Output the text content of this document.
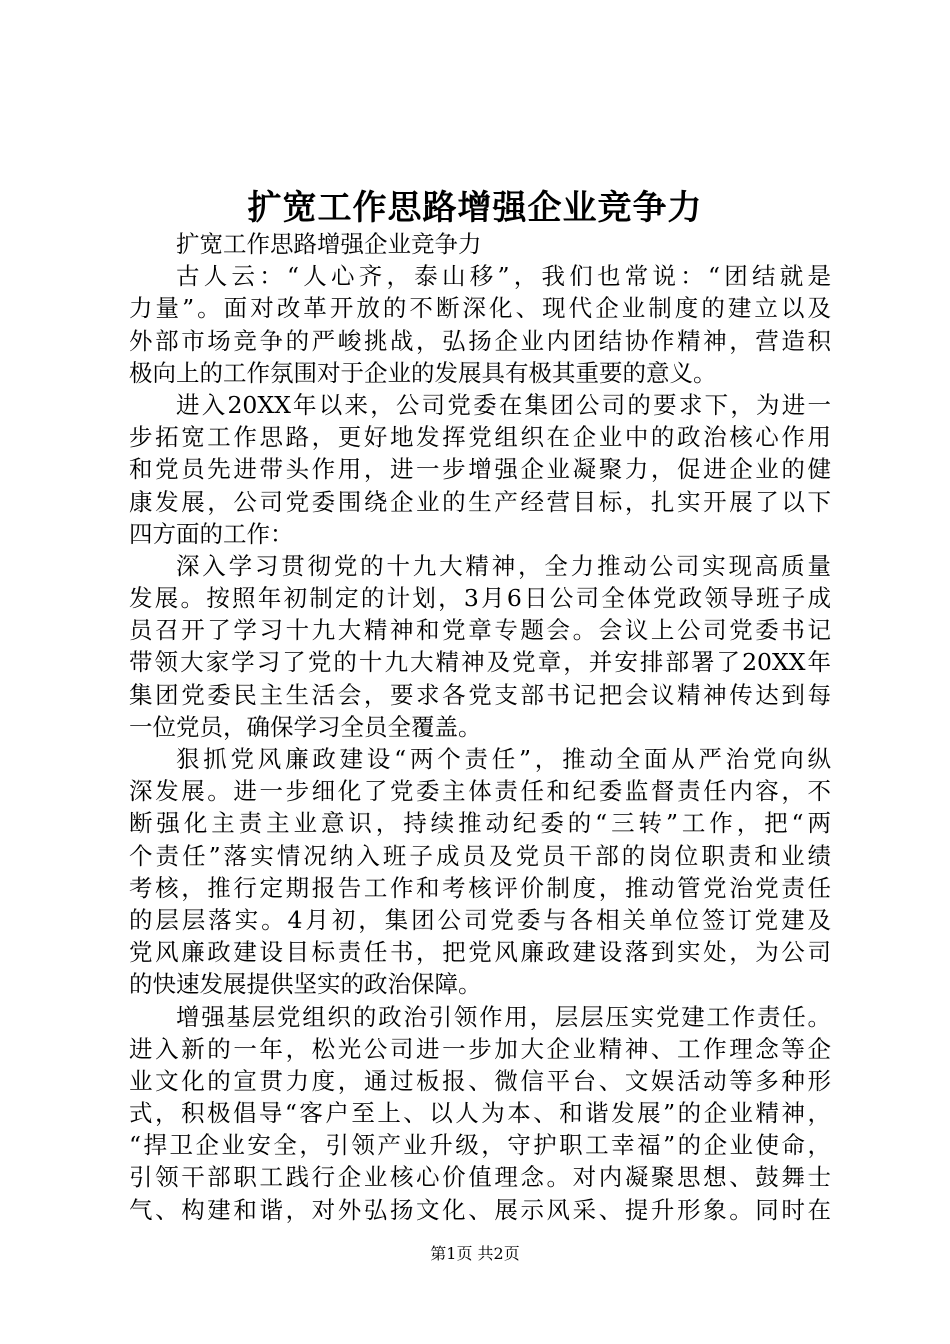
扩宽工作思路增强企业竞争力
扩宽工作思路增强企业竞争力
古人云：“人心齐，泰山移”，我们也常说：“团结就是
力量”。面对改革开放的不断深化、现代企业制度的建立以及
外部市场竞争的严峻挑战，弘扬企业内团结协作精神，营造积
极向上的工作氛围对于企业的发展具有极其重要的意义。
进入20XX年以来，公司党委在集团公司的要求下，为进一
步拓宽工作思路，更好地发挥党组织在企业中的政治核心作用
和党员先进带头作用，进一步增强企业凝聚力，促进企业的健
康发展，公司党委围绕企业的生产经营目标，扎实开展了以下
四方面的工作：
深入学习贯彻党的十九大精神，全力推动公司实现高质量
发展。按照年初制定的计划，3月6日公司全体党政领导班子成
员召开了学习十九大精神和党章专题会。会议上公司党委书记
带领大家学习了党的十九大精神及党章，并安排部署了20XX年
集团党委民主生活会，要求各党支部书记把会议精神传达到每
一位党员，确保学习全员全覆盖。
狠抓党风廉政建设“两个责任”，推动全面从严治党向纵
深发展。进一步细化了党委主体责任和纪委监督责任内容，不
断强化主责主业意识，持续推动纪委的“三转”工作，把“两
个责任”落实情况纳入班子成员及党员干部的岗位职责和业绩
考核，推行定期报告工作和考核评价制度，推动管党治党责任
的层层落实。4月初，集团公司党委与各相关单位签订党建及
党风廉政建设目标责任书，把党风廉政建设落到实处，为公司
的快速发展提供坚实的政治保障。
增强基层党组织的政治引领作用，层层压实党建工作责任。
进入新的一年，松光公司进一步加大企业精神、工作理念等企
业文化的宣贯力度，通过板报、微信平台、文娱活动等多种形
式，积极倡导“客户至上、以人为本、和谐发展”的企业精神，
“捍卫企业安全，引领产业升级，守护职工幸福”的企业使命，
引领干部职工践行企业核心价值理念。对内凝聚思想、鼓舞士
气、构建和谐，对外弘扬文化、展示风采、提升形象。同时在
第1页 共2页
